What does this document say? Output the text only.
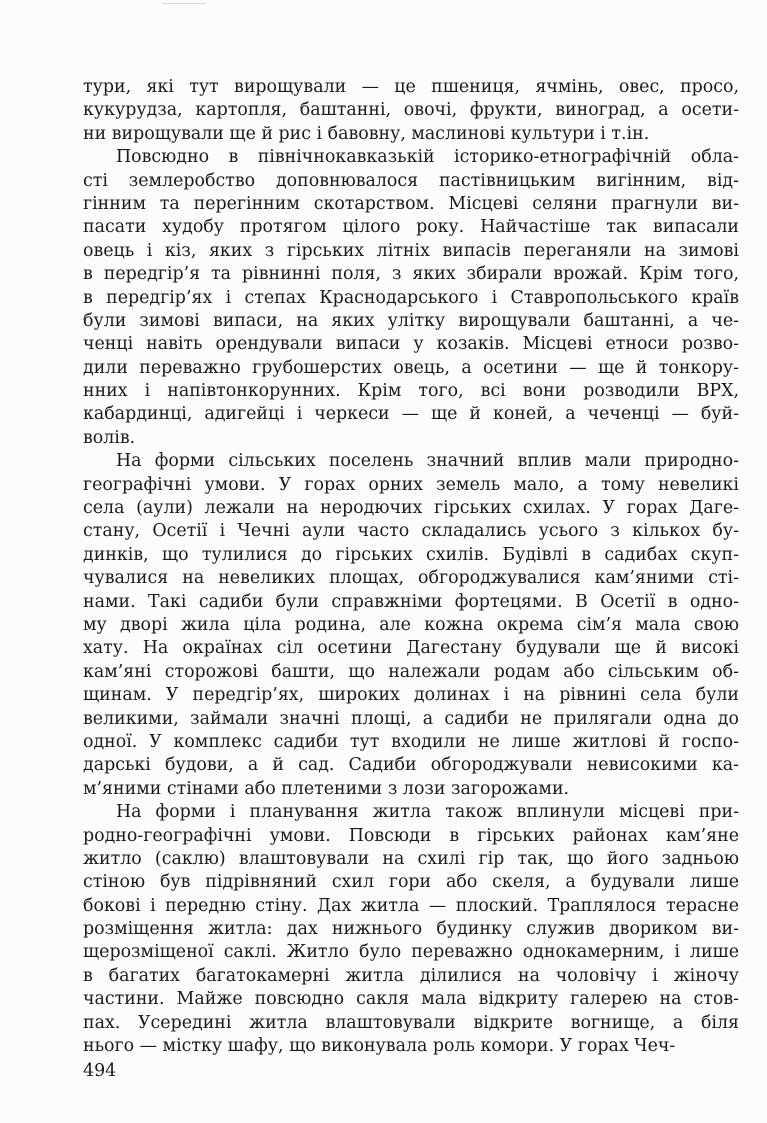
тури, які тут вирощували — це пшениця, ячмінь, овес, просо,
кукурудза, картопля, баштанні, овочі, фрукти, виноград, а осети-
ни вирощували ще й рис і бавовну, маслинові культури і т.ін.
Повсюдно в північнокавказькій історико-етнографічній обла-
сті землеробство доповнювалося пастівницьким вигінним, від-
гінним та перегінним скотарством. Місцеві селяни прагнули ви-
пасати худобу протягом цілого року. Найчастіше так випасали
овець і кіз, яких з гірських літніх випасів переганяли на зимові
в передгір’я та рівнинні поля, з яких збирали врожай. Крім того,
в передгір’ях і степах Краснодарського і Ставропольського країв
були зимові випаси, на яких улітку вирощували баштанні, а че-
ченці навіть орендували випаси у козаків. Місцеві етноси розво-
дили переважно грубошерстих овець, а осетини — ще й тонкору-
нних і напівтонкорунних. Крім того, всі вони розводили ВРХ,
кабардинці, адигейці і черкеси — ще й коней, а чеченці — буй-
волів.
На форми сільських поселень значний вплив мали природно-
географічні умови. У горах орних земель мало, а тому невеликі
села (аули) лежали на неродючих гірських схилах. У горах Даге-
стану, Осетії і Чечні аули часто складались усього з кількох бу-
динків, що тулилися до гірських схилів. Будівлі в садибах скуп-
чувалися на невеликих площах, обгороджувалися кам’яними сті-
нами. Такі садиби були справжніми фортецями. В Осетії в одно-
му дворі жила ціла родина, але кожна окрема сім’я мала свою
хату. На окраїнах сіл осетини Дагестану будували ще й високі
кам’яні сторожові башти, що належали родам або сільським об-
щинам. У передгір’ях, широких долинах і на рівнині села були
великими, займали значні площі, а садиби не прилягали одна до
одної. У комплекс садиби тут входили не лише житлові й госпо-
дарські будови, а й сад. Садиби обгороджували невисокими ка-
м’яними стінами або плетеними з лози загорожами.
На форми і планування житла також вплинули місцеві при-
родно-географічні умови. Повсюди в гірських районах кам’яне
житло (саклю) влаштовували на схилі гір так, що його задньою
стіною був підрівняний схил гори або скеля, а будували лише
бокові і передню стіну. Дах житла — плоский. Траплялося терасне
розміщення житла: дах нижнього будинку служив двориком ви-
щерозміщеної саклі. Житло було переважно однокамерним, і лише
в багатих багатокамерні житла ділилися на чоловічу і жіночу
частини. Майже повсюдно сакля мала відкриту галерею на стов-
пах. Усередині житла влаштовували відкрите вогнище, а біля
нього — містку шафу, що виконувала роль комори. У горах Чеч-
494
